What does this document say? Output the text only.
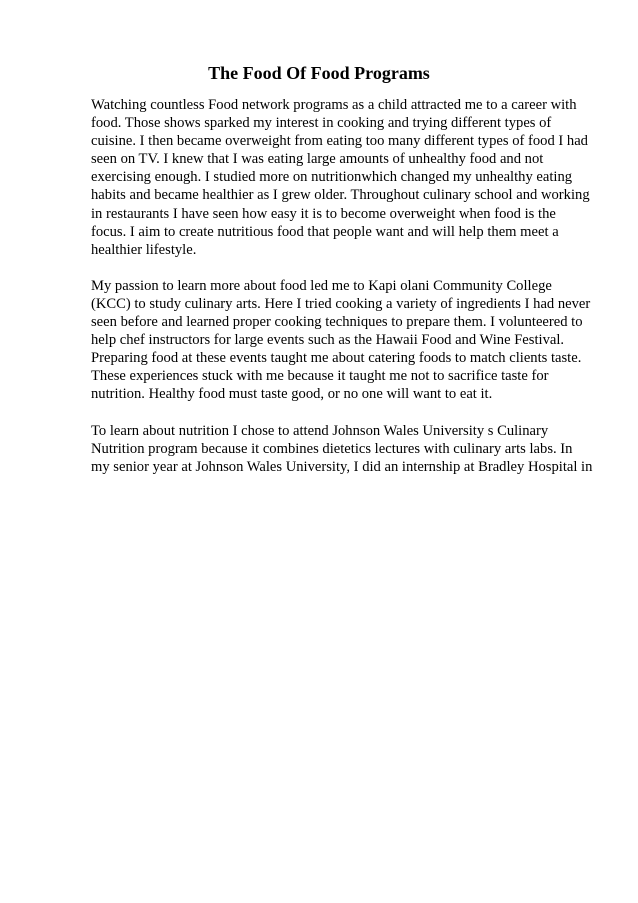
The Food Of Food Programs

Watching countless Food network programs as a child attracted me to a career with
food. Those shows sparked my interest in cooking and trying different types of
cuisine. I then became overweight from eating too many different types of food I had
seen on TV. I knew that I was eating large amounts of unhealthy food and not
exercising enough. I studied more on nutritionwhich changed my unhealthy eating
habits and became healthier as I grew older. Throughout culinary school and working
in restaurants I have seen how easy it is to become overweight when food is the
focus. I aim to create nutritious food that people want and will help them meet a
healthier lifestyle.

My passion to learn more about food led me to Kapi olani Community College
(KCC) to study culinary arts. Here I tried cooking a variety of ingredients I had never
seen before and learned proper cooking techniques to prepare them. I volunteered to
help chef instructors for large events such as the Hawaii Food and Wine Festival.
Preparing food at these events taught me about catering foods to match clients taste.
These experiences stuck with me because it taught me not to sacrifice taste for
nutrition. Healthy food must taste good, or no one will want to eat it.

To learn about nutrition I chose to attend Johnson Wales University s Culinary
Nutrition program because it combines dietetics lectures with culinary arts labs. In
my senior year at Johnson Wales University, I did an internship at Bradley Hospital in
